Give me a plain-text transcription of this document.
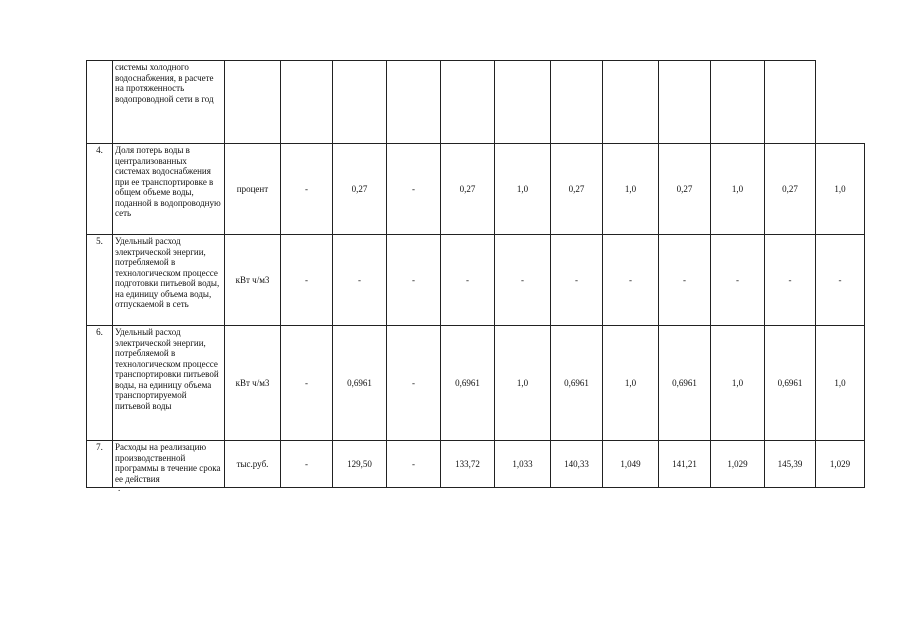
	системы холодного водоснабжения, в расчете на протяженность водопроводной сети в год												
4.	Доля потерь воды в централизованных системах водоснабжения при ее транспортировке в общем объеме воды, поданной в водопроводную сеть	процент	-	0,27	-	0,27	1,0	0,27	1,0	0,27	1,0	0,27	1,0
5.	Удельный расход электрической энергии, потребляемой в технологическом процессе подготовки питьевой воды, на единицу объема воды, отпускаемой в сеть	кВт ч/м3	-	-	-	-	-	-	-	-	-	-	-
6.	Удельный расход электрической энергии, потребляемой в технологическом процессе транспортировки питьевой воды, на единицу объема транспортируемой питьевой воды	кВт ч/м3	-	0,6961	-	0,6961	1,0	0,6961	1,0	0,6961	1,0	0,6961	1,0
7.	Расходы на реализацию производственной программы в течение срока ее действия	тыс.руб.	-	129,50	-	133,72	1,033	140,33	1,049	141,21	1,029	145,39	1,029
.
